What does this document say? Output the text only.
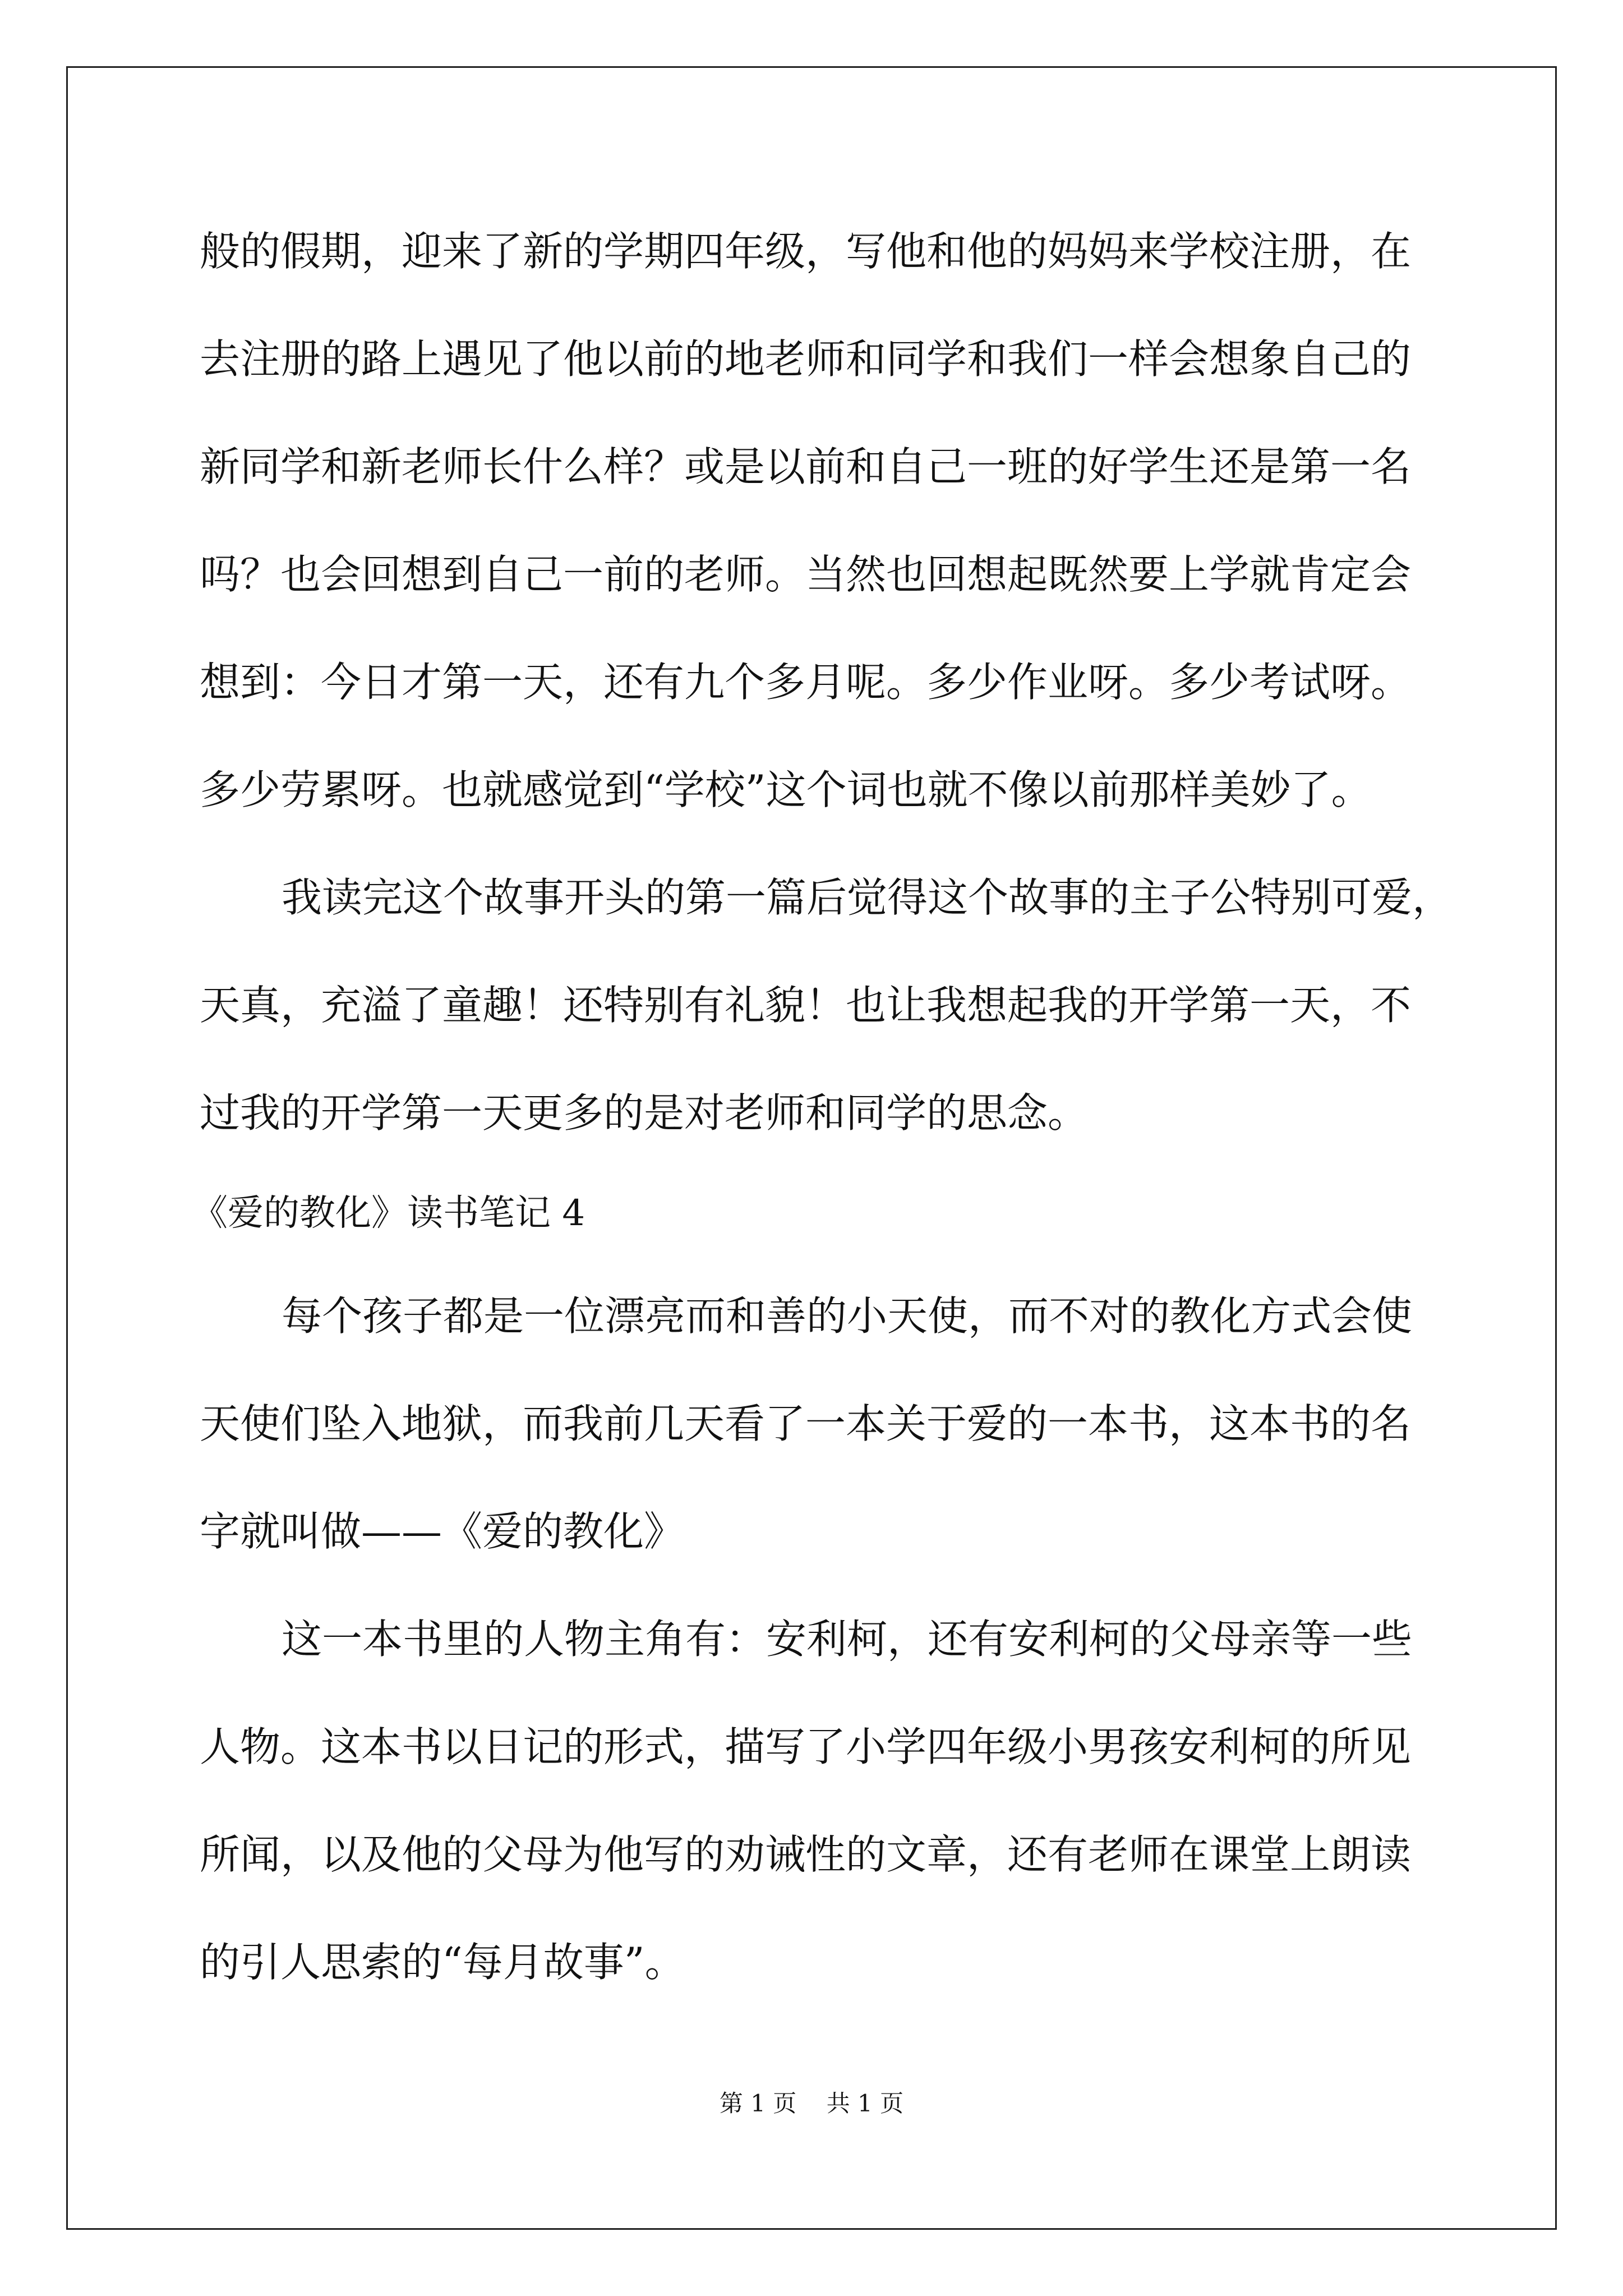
般的假期，迎来了新的学期四年级，写他和他的妈妈来学校注册，在
去注册的路上遇见了他以前的地老师和同学和我们一样会想象自己的
新同学和新老师长什么样？或是以前和自己一班的好学生还是第一名
吗？也会回想到自己一前的老师。当然也回想起既然要上学就肯定会
想到：今日才第一天，还有九个多月呢。多少作业呀。多少考试呀。
多少劳累呀。也就感觉到“学校”这个词也就不像以前那样美妙了。
我读完这个故事开头的第一篇后觉得这个故事的主子公特别可爱，
天真，充溢了童趣！还特别有礼貌！也让我想起我的开学第一天，不
过我的开学第一天更多的是对老师和同学的思念。
《爱的教化》读书笔记 4
每个孩子都是一位漂亮而和善的小天使，而不对的教化方式会使
天使们坠入地狱，而我前几天看了一本关于爱的一本书，这本书的名
字就叫做——《爱的教化》
这一本书里的人物主角有：安利柯，还有安利柯的父母亲等一些
人物。这本书以日记的形式，描写了小学四年级小男孩安利柯的所见
所闻，以及他的父母为他写的劝诫性的文章，还有老师在课堂上朗读
的引人思索的“每月故事”。
第 1 页    共 1 页
